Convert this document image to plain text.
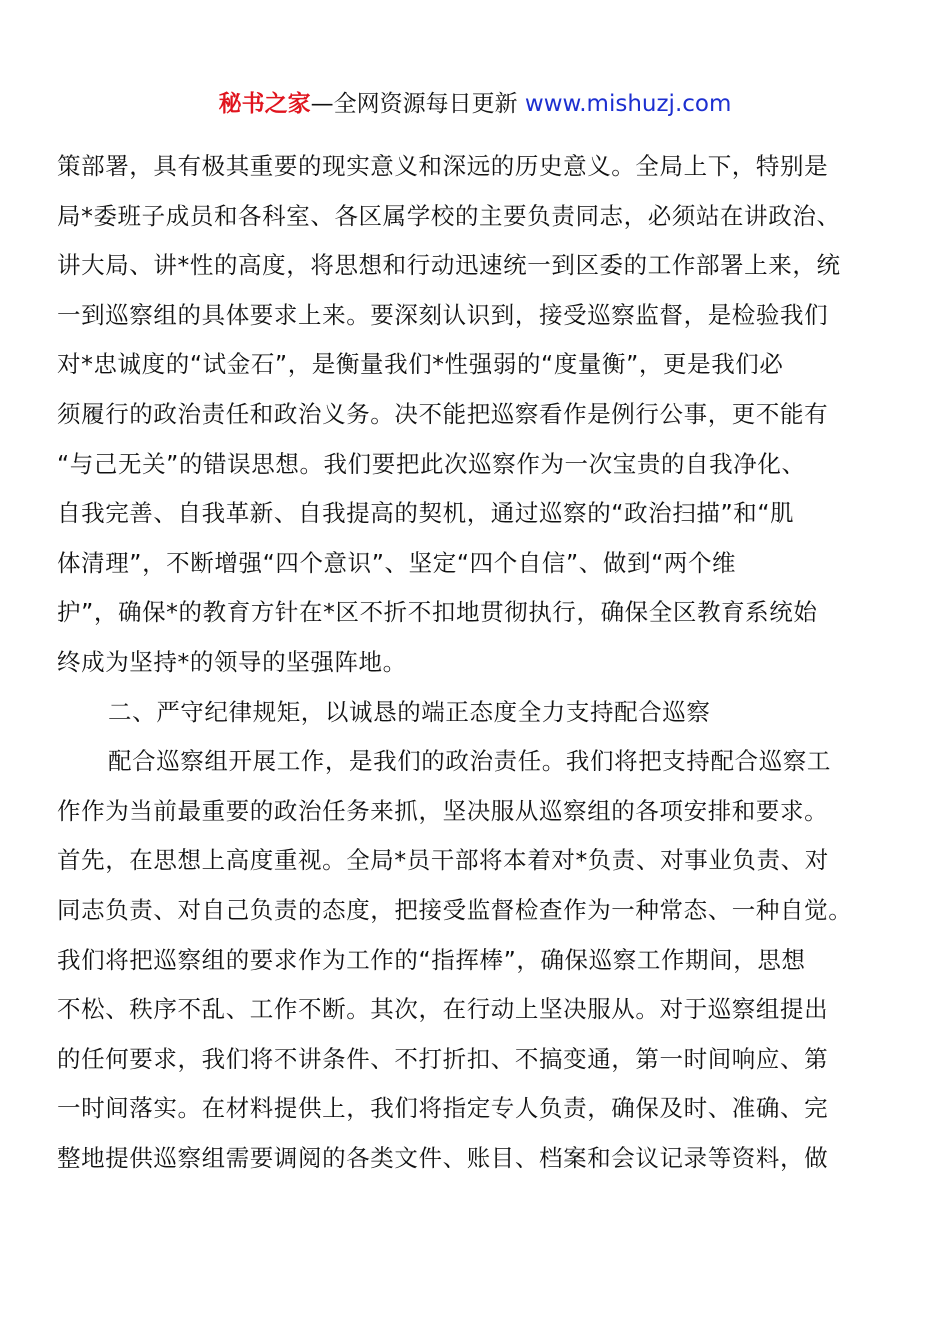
秘书之家—全网资源每日更新 www.mishuzj.com
策部署，具有极其重要的现实意义和深远的历史意义。全局上下，特别是
局*委班子成员和各科室、各区属学校的主要负责同志，必须站在讲政治、
讲大局、讲*性的高度，将思想和行动迅速统一到区委的工作部署上来，统
一到巡察组的具体要求上来。要深刻认识到，接受巡察监督，是检验我们
对*忠诚度的“试金石”，是衡量我们*性强弱的“度量衡”，更是我们必
须履行的政治责任和政治义务。决不能把巡察看作是例行公事，更不能有
“与己无关”的错误思想。我们要把此次巡察作为一次宝贵的自我净化、
自我完善、自我革新、自我提高的契机，通过巡察的“政治扫描”和“肌
体清理”，不断增强“四个意识”、坚定“四个自信”、做到“两个维
护”，确保*的教育方针在*区不折不扣地贯彻执行，确保全区教育系统始
终成为坚持*的领导的坚强阵地。
二、严守纪律规矩，以诚恳的端正态度全力支持配合巡察
配合巡察组开展工作，是我们的政治责任。我们将把支持配合巡察工
作作为当前最重要的政治任务来抓，坚决服从巡察组的各项安排和要求。
首先，在思想上高度重视。全局*员干部将本着对*负责、对事业负责、对
同志负责、对自己负责的态度，把接受监督检查作为一种常态、一种自觉。
我们将把巡察组的要求作为工作的“指挥棒”，确保巡察工作期间，思想
不松、秩序不乱、工作不断。其次，在行动上坚决服从。对于巡察组提出
的任何要求，我们将不讲条件、不打折扣、不搞变通，第一时间响应、第
一时间落实。在材料提供上，我们将指定专人负责，确保及时、准确、完
整地提供巡察组需要调阅的各类文件、账目、档案和会议记录等资料，做
